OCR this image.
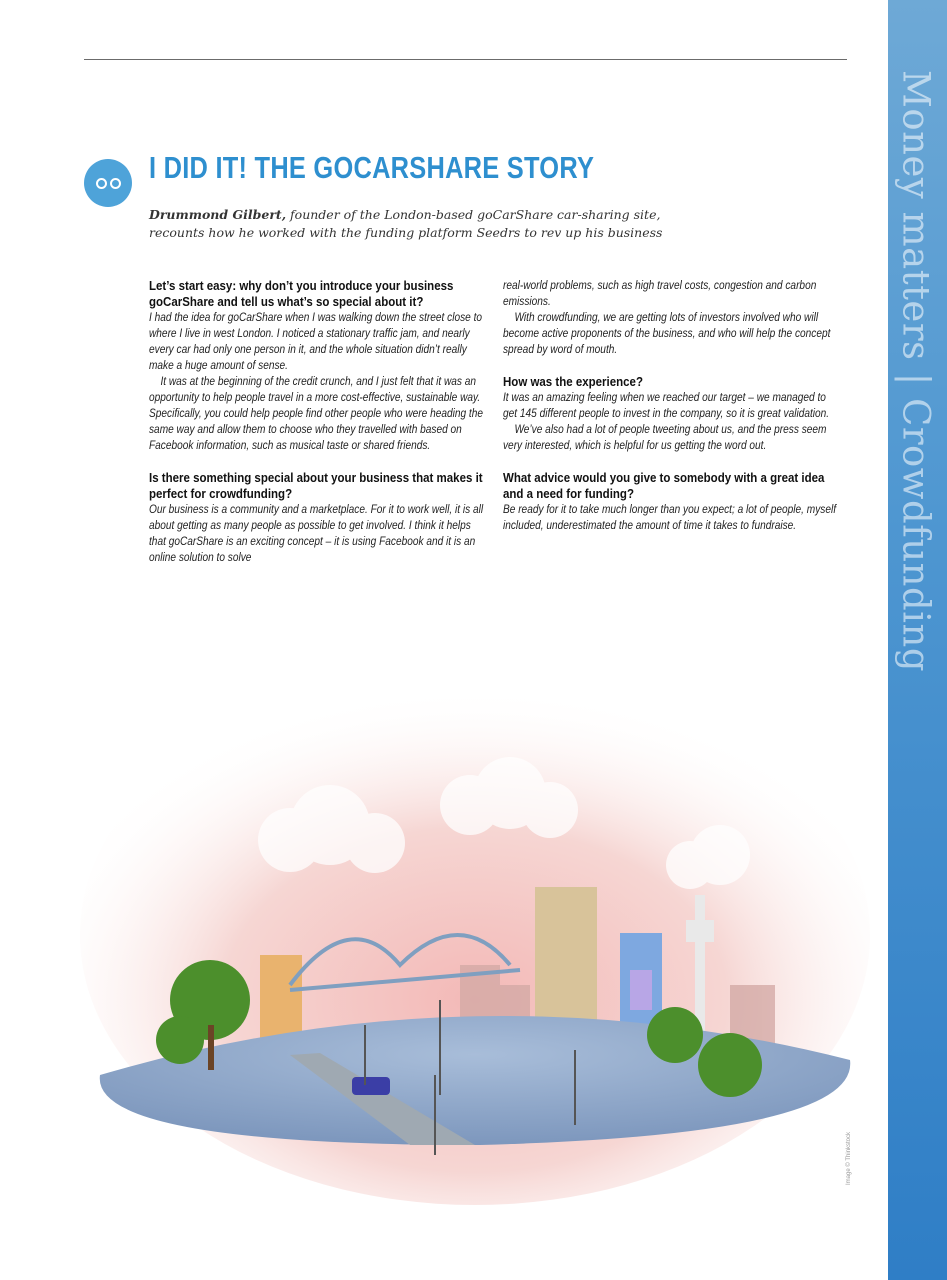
Money matters | Crowdfunding
I DID IT! THE GOCARSHARE STORY

Drummond Gilbert, founder of the London-based goCarShare car-sharing site,
recounts how he worked with the funding platform Seedrs to rev up his business

Let’s start easy: why don’t you introduce your business goCarShare and tell us what’s so special about it?

I had the idea for goCarShare when I was walking down the street close to where I live in west London. I noticed a stationary traffic jam, and nearly every car had only one person in it, and the whole situation didn’t really make a huge amount of sense.

It was at the beginning of the credit crunch, and I just felt that it was an opportunity to help people travel in a more cost-effective, sustainable way. Specifically, you could help people find other people who were heading the same way and allow them to choose who they travelled with based on Facebook information, such as musical taste or shared friends.

Is there something special about your business that makes it perfect for crowdfunding?

Our business is a community and a marketplace. For it to work well, it is all about getting as many people as possible to get involved. I think it helps that goCarShare is an exciting concept – it is using Facebook and it is an online solution to solve

real-world problems, such as high travel costs, congestion and carbon emissions.

With crowdfunding, we are getting lots of investors involved who will become active proponents of the business, and who will help the concept spread by word of mouth.

How was the experience?

It was an amazing feeling when we reached our target – we managed to get 145 different people to invest in the company, so it is great validation.

We’ve also had a lot of people tweeting about us, and the press seem very interested, which is helpful for us getting the word out.

What advice would you give to somebody with a great idea and a need for funding?

Be ready for it to take much longer than you expect; a lot of people, myself included, underestimated the amount of time it takes to fundraise.

Image © Thinkstock
